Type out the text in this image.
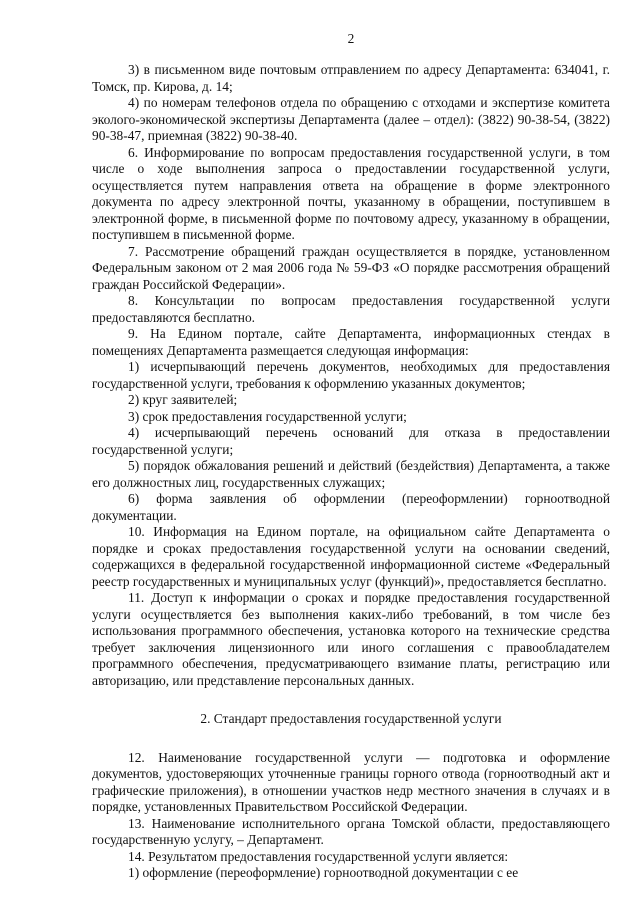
2

3) в письменном виде почтовым отправлением по адресу Департамента: 634041, г. Томск, пр. Кирова, д. 14;

4) по номерам телефонов отдела по обращению с отходами и экспертизе комитета эколого-экономической экспертизы Департамента (далее – отдел): (3822) 90-38-54, (3822) 90-38-47, приемная (3822) 90-38-40.

6. Информирование по вопросам предоставления государственной услуги, в том числе о ходе выполнения запроса о предоставлении государственной услуги, осуществляется путем направления ответа на обращение в форме электронного документа по адресу электронной почты, указанному в обращении, поступившем в электронной форме, в письменной форме по почтовому адресу, указанному в обращении, поступившем в письменной форме.

7. Рассмотрение обращений граждан осуществляется в порядке, установленном Федеральным законом от 2 мая 2006 года № 59-ФЗ «О порядке рассмотрения обращений граждан Российской Федерации».

8. Консультации по вопросам предоставления государственной услуги предоставляются бесплатно.

9. На Едином портале, сайте Департамента, информационных стендах в помещениях Департамента размещается следующая информация:

1) исчерпывающий перечень документов, необходимых для предоставления государственной услуги, требования к оформлению указанных документов;

2) круг заявителей;

3) срок предоставления государственной услуги;

4) исчерпывающий перечень оснований для отказа в предоставлении государственной услуги;

5) порядок обжалования решений и действий (бездействия) Департамента, а также его должностных лиц, государственных служащих;

6) форма заявления об оформлении (переоформлении) горноотводной документации.

10. Информация на Едином портале, на официальном сайте Департамента о порядке и сроках предоставления государственной услуги на основании сведений, содержащихся в федеральной государственной информационной системе «Федеральный реестр государственных и муниципальных услуг (функций)», предоставляется бесплатно.

11. Доступ к информации о сроках и порядке предоставления государственной услуги осуществляется без выполнения каких-либо требований, в том числе без использования программного обеспечения, установка которого на технические средства требует заключения лицензионного или иного соглашения с правообладателем программного обеспечения, предусматривающего взимание платы, регистрацию или авторизацию, или представление персональных данных.

2. Стандарт предоставления государственной услуги

12. Наименование государственной услуги — подготовка и оформление документов, удостоверяющих уточненные границы горного отвода (горноотводный акт и графические приложения), в отношении участков недр местного значения в случаях и в порядке, установленных Правительством Российской Федерации.

13. Наименование исполнительного органа Томской области, предоставляющего государственную услугу, – Департамент.

14. Результатом предоставления государственной услуги является:

1) оформление (переоформление) горноотводной документации с ее
